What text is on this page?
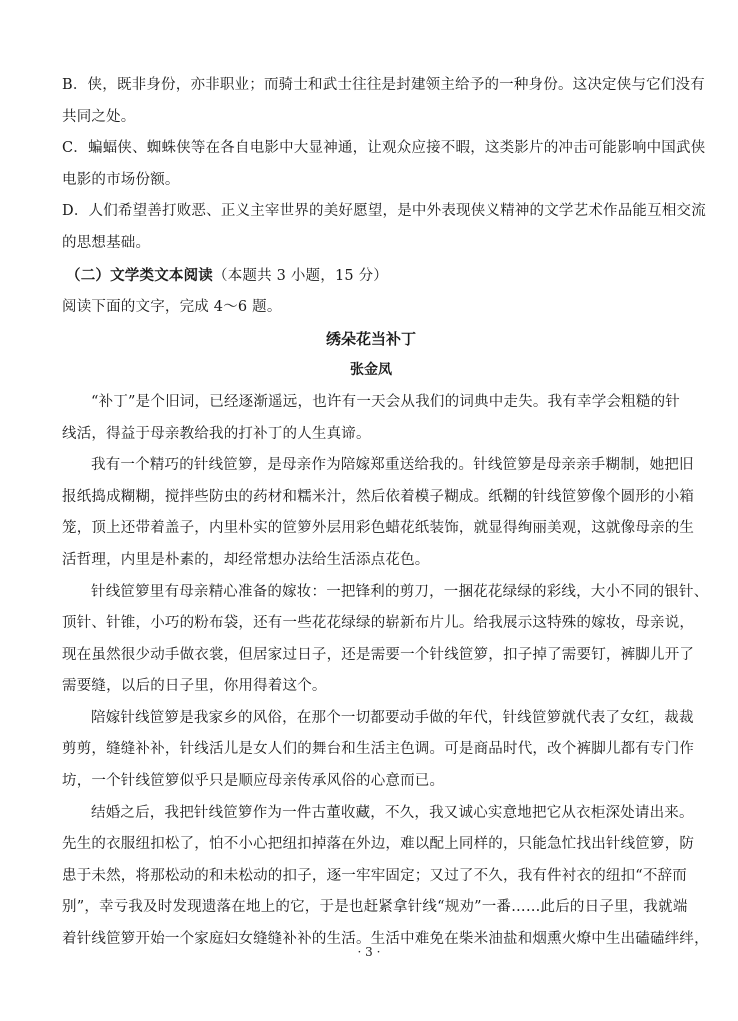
B．侠，既非身份，亦非职业；而骑士和武士往往是封建领主给予的一种身份。这决定侠与它们没有
共同之处。
C．蝙蝠侠、蜘蛛侠等在各自电影中大显神通，让观众应接不暇，这类影片的冲击可能影响中国武侠
电影的市场份额。
D．人们希望善打败恶、正义主宰世界的美好愿望，是中外表现侠义精神的文学艺术作品能互相交流
的思想基础。
（二）文学类文本阅读（本题共 3 小题，15 分）
阅读下面的文字，完成 4～6 题。
绣朵花当补丁
张金凤
“补丁”是个旧词，已经逐渐遥远，也许有一天会从我们的词典中走失。我有幸学会粗糙的针
线活，得益于母亲教给我的打补丁的人生真谛。
我有一个精巧的针线笸箩，是母亲作为陪嫁郑重送给我的。针线笸箩是母亲亲手糊制，她把旧
报纸捣成糊糊，搅拌些防虫的药材和糯米汁，然后依着模子糊成。纸糊的针线笸箩像个圆形的小箱
笼，顶上还带着盖子，内里朴实的笸箩外层用彩色蜡花纸装饰，就显得绚丽美观，这就像母亲的生
活哲理，内里是朴素的，却经常想办法给生活添点花色。
针线笸箩里有母亲精心准备的嫁妆：一把锋利的剪刀，一捆花花绿绿的彩线，大小不同的银针、
顶针、针锥，小巧的粉布袋，还有一些花花绿绿的崭新布片儿。给我展示这特殊的嫁妆，母亲说，
现在虽然很少动手做衣裳，但居家过日子，还是需要一个针线笸箩，扣子掉了需要钉，裤脚儿开了
需要缝，以后的日子里，你用得着这个。
陪嫁针线笸箩是我家乡的风俗，在那个一切都要动手做的年代，针线笸箩就代表了女红，裁裁
剪剪，缝缝补补，针线活儿是女人们的舞台和生活主色调。可是商品时代，改个裤脚儿都有专门作
坊，一个针线笸箩似乎只是顺应母亲传承风俗的心意而已。
结婚之后，我把针线笸箩作为一件古董收藏，不久，我又诚心实意地把它从衣柜深处请出来。
先生的衣服纽扣松了，怕不小心把纽扣掉落在外边，难以配上同样的，只能急忙找出针线笸箩，防
患于未然，将那松动的和未松动的扣子，逐一牢牢固定；又过了不久，我有件衬衣的纽扣“不辞而
别”，幸亏我及时发现遗落在地上的它，于是也赶紧拿针线“规劝”一番……此后的日子里，我就端
着针线笸箩开始一个家庭妇女缝缝补补的生活。生活中难免在柴米油盐和烟熏火燎中生出磕磕绊绊，
· 3 ·
